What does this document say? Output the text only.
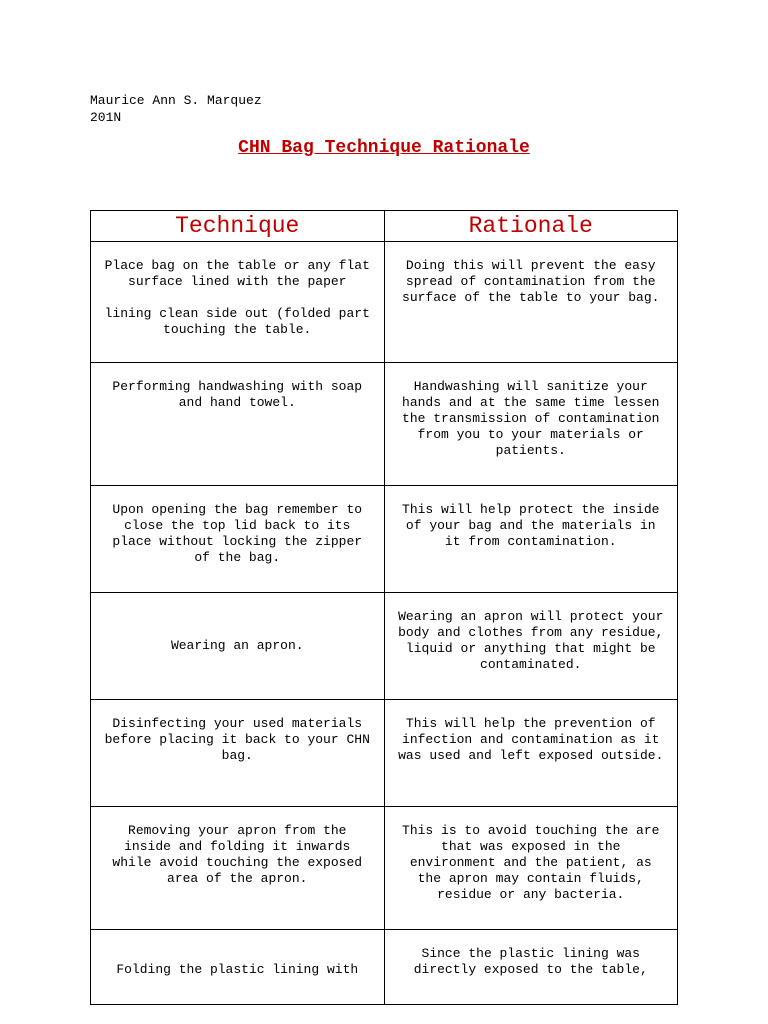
Maurice Ann S. Marquez
201N
CHN Bag Technique Rationale
Technique	Rationale
Place bag on the table or any flat surface lined with the paper

lining clean side out (folded part touching the table.	Doing this will prevent the easy spread of contamination from the surface of the table to your bag.
Performing handwashing with soap and hand towel.	Handwashing will sanitize your hands and at the same time lessen the transmission of contamination from you to your materials or patients.
Upon opening the bag remember to close the top lid back to its place without locking the zipper of the bag.	This will help protect the inside of your bag and the materials in it from contamination.
Wearing an apron.	Wearing an apron will protect your body and clothes from any residue, liquid or anything that might be contaminated.
Disinfecting your used materials before placing it back to your CHN bag.	This will help the prevention of infection and contamination as it was used and left exposed outside.
Removing your apron from the inside and folding it inwards while avoid touching the exposed area of the apron.	This is to avoid touching the are that was exposed in the environment and the patient, as the apron may contain fluids, residue or any bacteria.
Folding the plastic lining with	Since the plastic lining was directly exposed to the table,
